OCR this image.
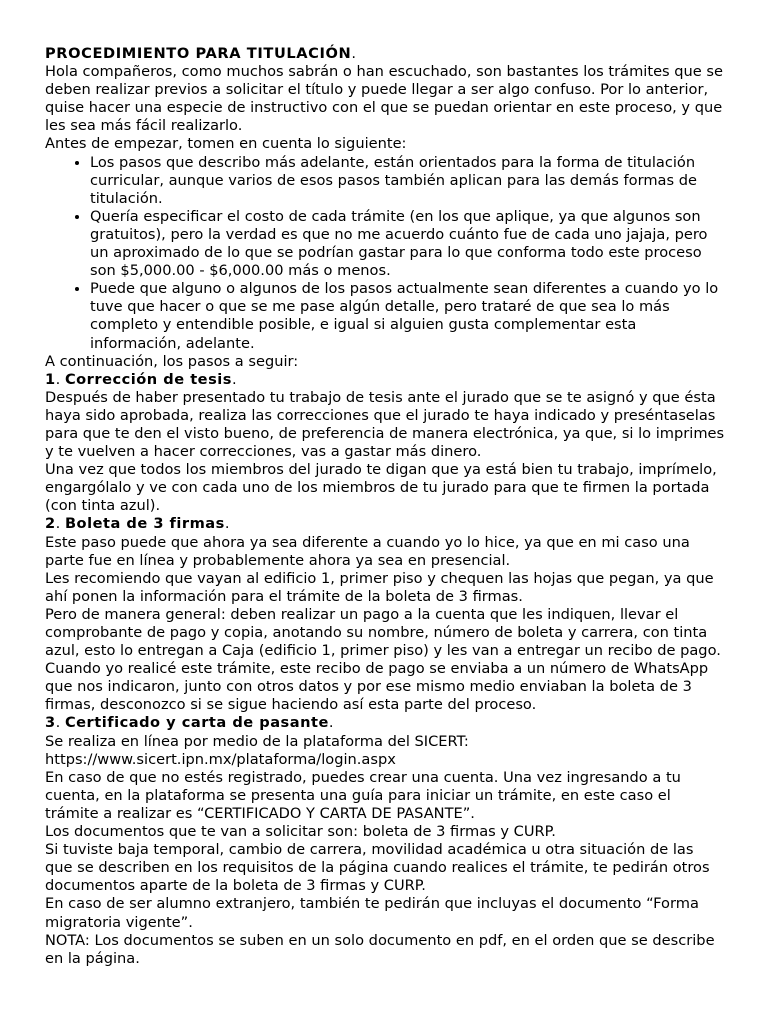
PROCEDIMIENTO PARA TITULACIÓN.

Hola compañeros, como muchos sabrán o han escuchado, son bastantes los trámites que se deben realizar previos a solicitar el título y puede llegar a ser algo confuso. Por lo anterior, quise hacer una especie de instructivo con el que se puedan orientar en este proceso, y que les sea más fácil realizarlo.

Antes de empezar, tomen en cuenta lo siguiente:

• Los pasos que describo más adelante, están orientados para la forma de titulación curricular, aunque varios de esos pasos también aplican para las demás formas de titulación.
• Quería especificar el costo de cada trámite (en los que aplique, ya que algunos son gratuitos), pero la verdad es que no me acuerdo cuánto fue de cada uno jajaja, pero un aproximado de lo que se podrían gastar para lo que conforma todo este proceso son $5,000.00 - $6,000.00 más o menos.
• Puede que alguno o algunos de los pasos actualmente sean diferentes a cuando yo lo tuve que hacer o que se me pase algún detalle, pero trataré de que sea lo más completo y entendible posible, e igual si alguien gusta complementar esta información, adelante.

A continuación, los pasos a seguir:

1. Corrección de tesis.

Después de haber presentado tu trabajo de tesis ante el jurado que se te asignó y que ésta haya sido aprobada, realiza las correcciones que el jurado te haya indicado y preséntaselas para que te den el visto bueno, de preferencia de manera electrónica, ya que, si lo imprimes y te vuelven a hacer correcciones, vas a gastar más dinero.

Una vez que todos los miembros del jurado te digan que ya está bien tu trabajo, imprímelo, engargólalo y ve con cada uno de los miembros de tu jurado para que te firmen la portada (con tinta azul).

2. Boleta de 3 firmas.

Este paso puede que ahora ya sea diferente a cuando yo lo hice, ya que en mi caso una parte fue en línea y probablemente ahora ya sea en presencial.

Les recomiendo que vayan al edificio 1, primer piso y chequen las hojas que pegan, ya que ahí ponen la información para el trámite de la boleta de 3 firmas.

Pero de manera general: deben realizar un pago a la cuenta que les indiquen, llevar el comprobante de pago y copia, anotando su nombre, número de boleta y carrera, con tinta azul, esto lo entregan a Caja (edificio 1, primer piso) y les van a entregar un recibo de pago. Cuando yo realicé este trámite, este recibo de pago se enviaba a un número de WhatsApp que nos indicaron, junto con otros datos y por ese mismo medio enviaban la boleta de 3 firmas, desconozco si se sigue haciendo así esta parte del proceso.

3. Certificado y carta de pasante.

Se realiza en línea por medio de la plataforma del SICERT:

https://www.sicert.ipn.mx/plataforma/login.aspx

En caso de que no estés registrado, puedes crear una cuenta. Una vez ingresando a tu cuenta, en la plataforma se presenta una guía para iniciar un trámite, en este caso el trámite a realizar es “CERTIFICADO Y CARTA DE PASANTE”.

Los documentos que te van a solicitar son: boleta de 3 firmas y CURP.

Si tuviste baja temporal, cambio de carrera, movilidad académica u otra situación de las que se describen en los requisitos de la página cuando realices el trámite, te pedirán otros documentos aparte de la boleta de 3 firmas y CURP.

En caso de ser alumno extranjero, también te pedirán que incluyas el documento “Forma migratoria vigente”.

NOTA: Los documentos se suben en un solo documento en pdf, en el orden que se describe en la página.
